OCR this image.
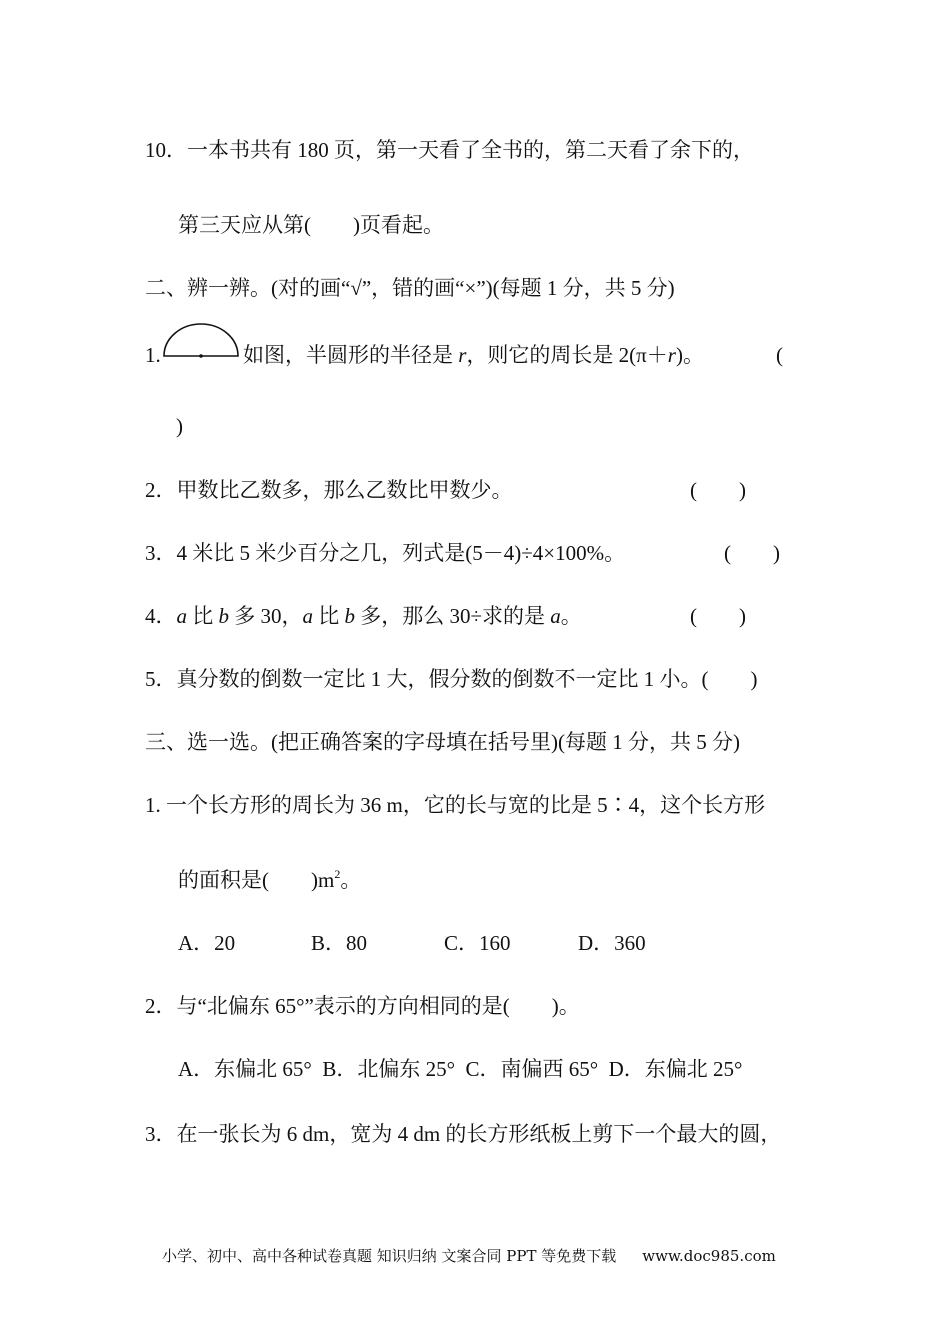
10．一本书共有 180 页，第一天看了全书的，第二天看了余下的，
第三天应从第(　　)页看起。
二、辨一辨。(对的画“√”，错的画“×”)(每题 1 分，共 5 分)
1.	如图，半圆形的半径是 r，则它的周长是 2(π＋r)。	(
)
2．甲数比乙数多，那么乙数比甲数少。	(　　)
3．4 米比 5 米少百分之几，列式是(5－4)÷4×100%。	(　　)
4．a 比 b 多 30，a 比 b 多，那么 30÷求的是 a。	(　　)
5．真分数的倒数一定比 1 大，假分数的倒数不一定比 1 小。(　　)
三、选一选。(把正确答案的字母填在括号里)(每题 1 分，共 5 分)
1. 一个长方形的周长为 36 m，它的长与宽的比是 5∶4，这个长方形
的面积是(　　)$m^2$。
A．20	B．80	C．160	D．360
2．与“北偏东 65°”表示的方向相同的是(　　)。
A．东偏北 65°  B．北偏东 25°  C．南偏西 65°  D．东偏北 25°
3．在一张长为 6 dm，宽为 4 dm 的长方形纸板上剪下一个最大的圆，
小学、初中、高中各种试卷真题 知识归纳 文案合同 PPT 等免费下载 www.doc985.com
